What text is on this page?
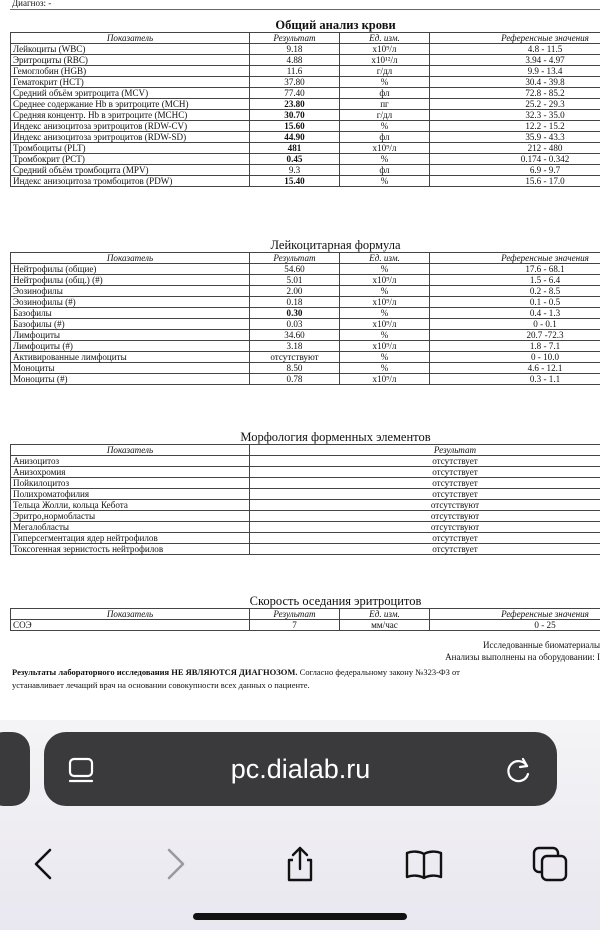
Диагноз: -
Общий анализ крови			
Показатель	Результат	Ед. изм.	Референсные значения
Лейкоциты (WBC)	9.18	x10⁹/л	4.8 - 11.5
Эритроциты (RBC)	4.88	x10¹²/л	3.94 - 4.97
Гемоглобин (HGB)	11.6	г/дл	9.9 - 13.4
Гематокрит (HCT)	37.80	%	30.4 - 39.8
Средний объём эритроцита (MCV)	77.40	фл	72.8 - 85.2
Среднее содержание Hb в эритроците (MCH)	23.80	пг	25.2 - 29.3
Средняя концентр. Hb в эритроците (MCHC)	30.70	г/дл	32.3 - 35.0
Индекс анизоцитоза эритроцитов (RDW-CV)	15.60	%	12.2 - 15.2
Индекс анизоцитоза эритроцитов (RDW-SD)	44.90	фл	35.9 - 43.3
Тромбоциты (PLT)	481	x10⁹/л	212 - 480
Тромбокрит (PCT)	0.45	%	0.174 - 0.342
Средний объём тромбоцита (MPV)	9.3	фл	6.9 - 9.7
Индекс анизоцитоза тромбоцитов (PDW)	15.40	%	15.6 - 17.0
Лейкоцитарная формула			
Показатель	Результат	Ед. изм.	Референсные значения
Нейтрофилы (общие)	54.60	%	17.6 - 68.1
Нейтрофилы (общ.) (#)	5.01	x10⁹/л	1.5 - 6.4
Эозинофилы	2.00	%	0.2 - 8.5
Эозинофилы (#)	0.18	x10⁹/л	0.1 - 0.5
Базофилы	0.30	%	0.4 - 1.3
Базофилы (#)	0.03	x10⁹/л	0 - 0.1
Лимфоциты	34.60	%	20.7 -72.3
Лимфоциты (#)	3.18	x10⁹/л	1.8 - 7.1
Активированные лимфоциты	отсутствуют	%	0 - 10.0
Моноциты	8.50	%	4.6 - 12.1
Моноциты (#)	0.78	x10⁹/л	0.3 - 1.1
Морфология форменных элементов	
Показатель	Результат
Анизоцитоз	отсутствует
Анизохромия	отсутствует
Пойкилоцитоз	отсутствует
Полихроматофилия	отсутствует
Тельца Жолли, кольца Кебота	отсутствуют
Эритро,нормобласты	отсутствуют
Мегалобласты	отсутствуют
Гиперсегментация ядер нейтрофилов	отсутствует
Токсогенная зернистость нейтрофилов	отсутствует
Скорость оседания эритроцитов			
Показатель	Результат	Ед. изм.	Референсные значения
СОЭ	7	мм/час	0 - 25
Исследованные биоматериалы
Анализы выполнены на оборудовании: I
Результаты лабораторного исследования НЕ ЯВЛЯЮТСЯ ДИАГНОЗОМ. Согласно федеральному закону №323-ФЗ от
устанавливает лечащий врач на основании совокупности всех данных о пациенте.
pc.dialab.ru
